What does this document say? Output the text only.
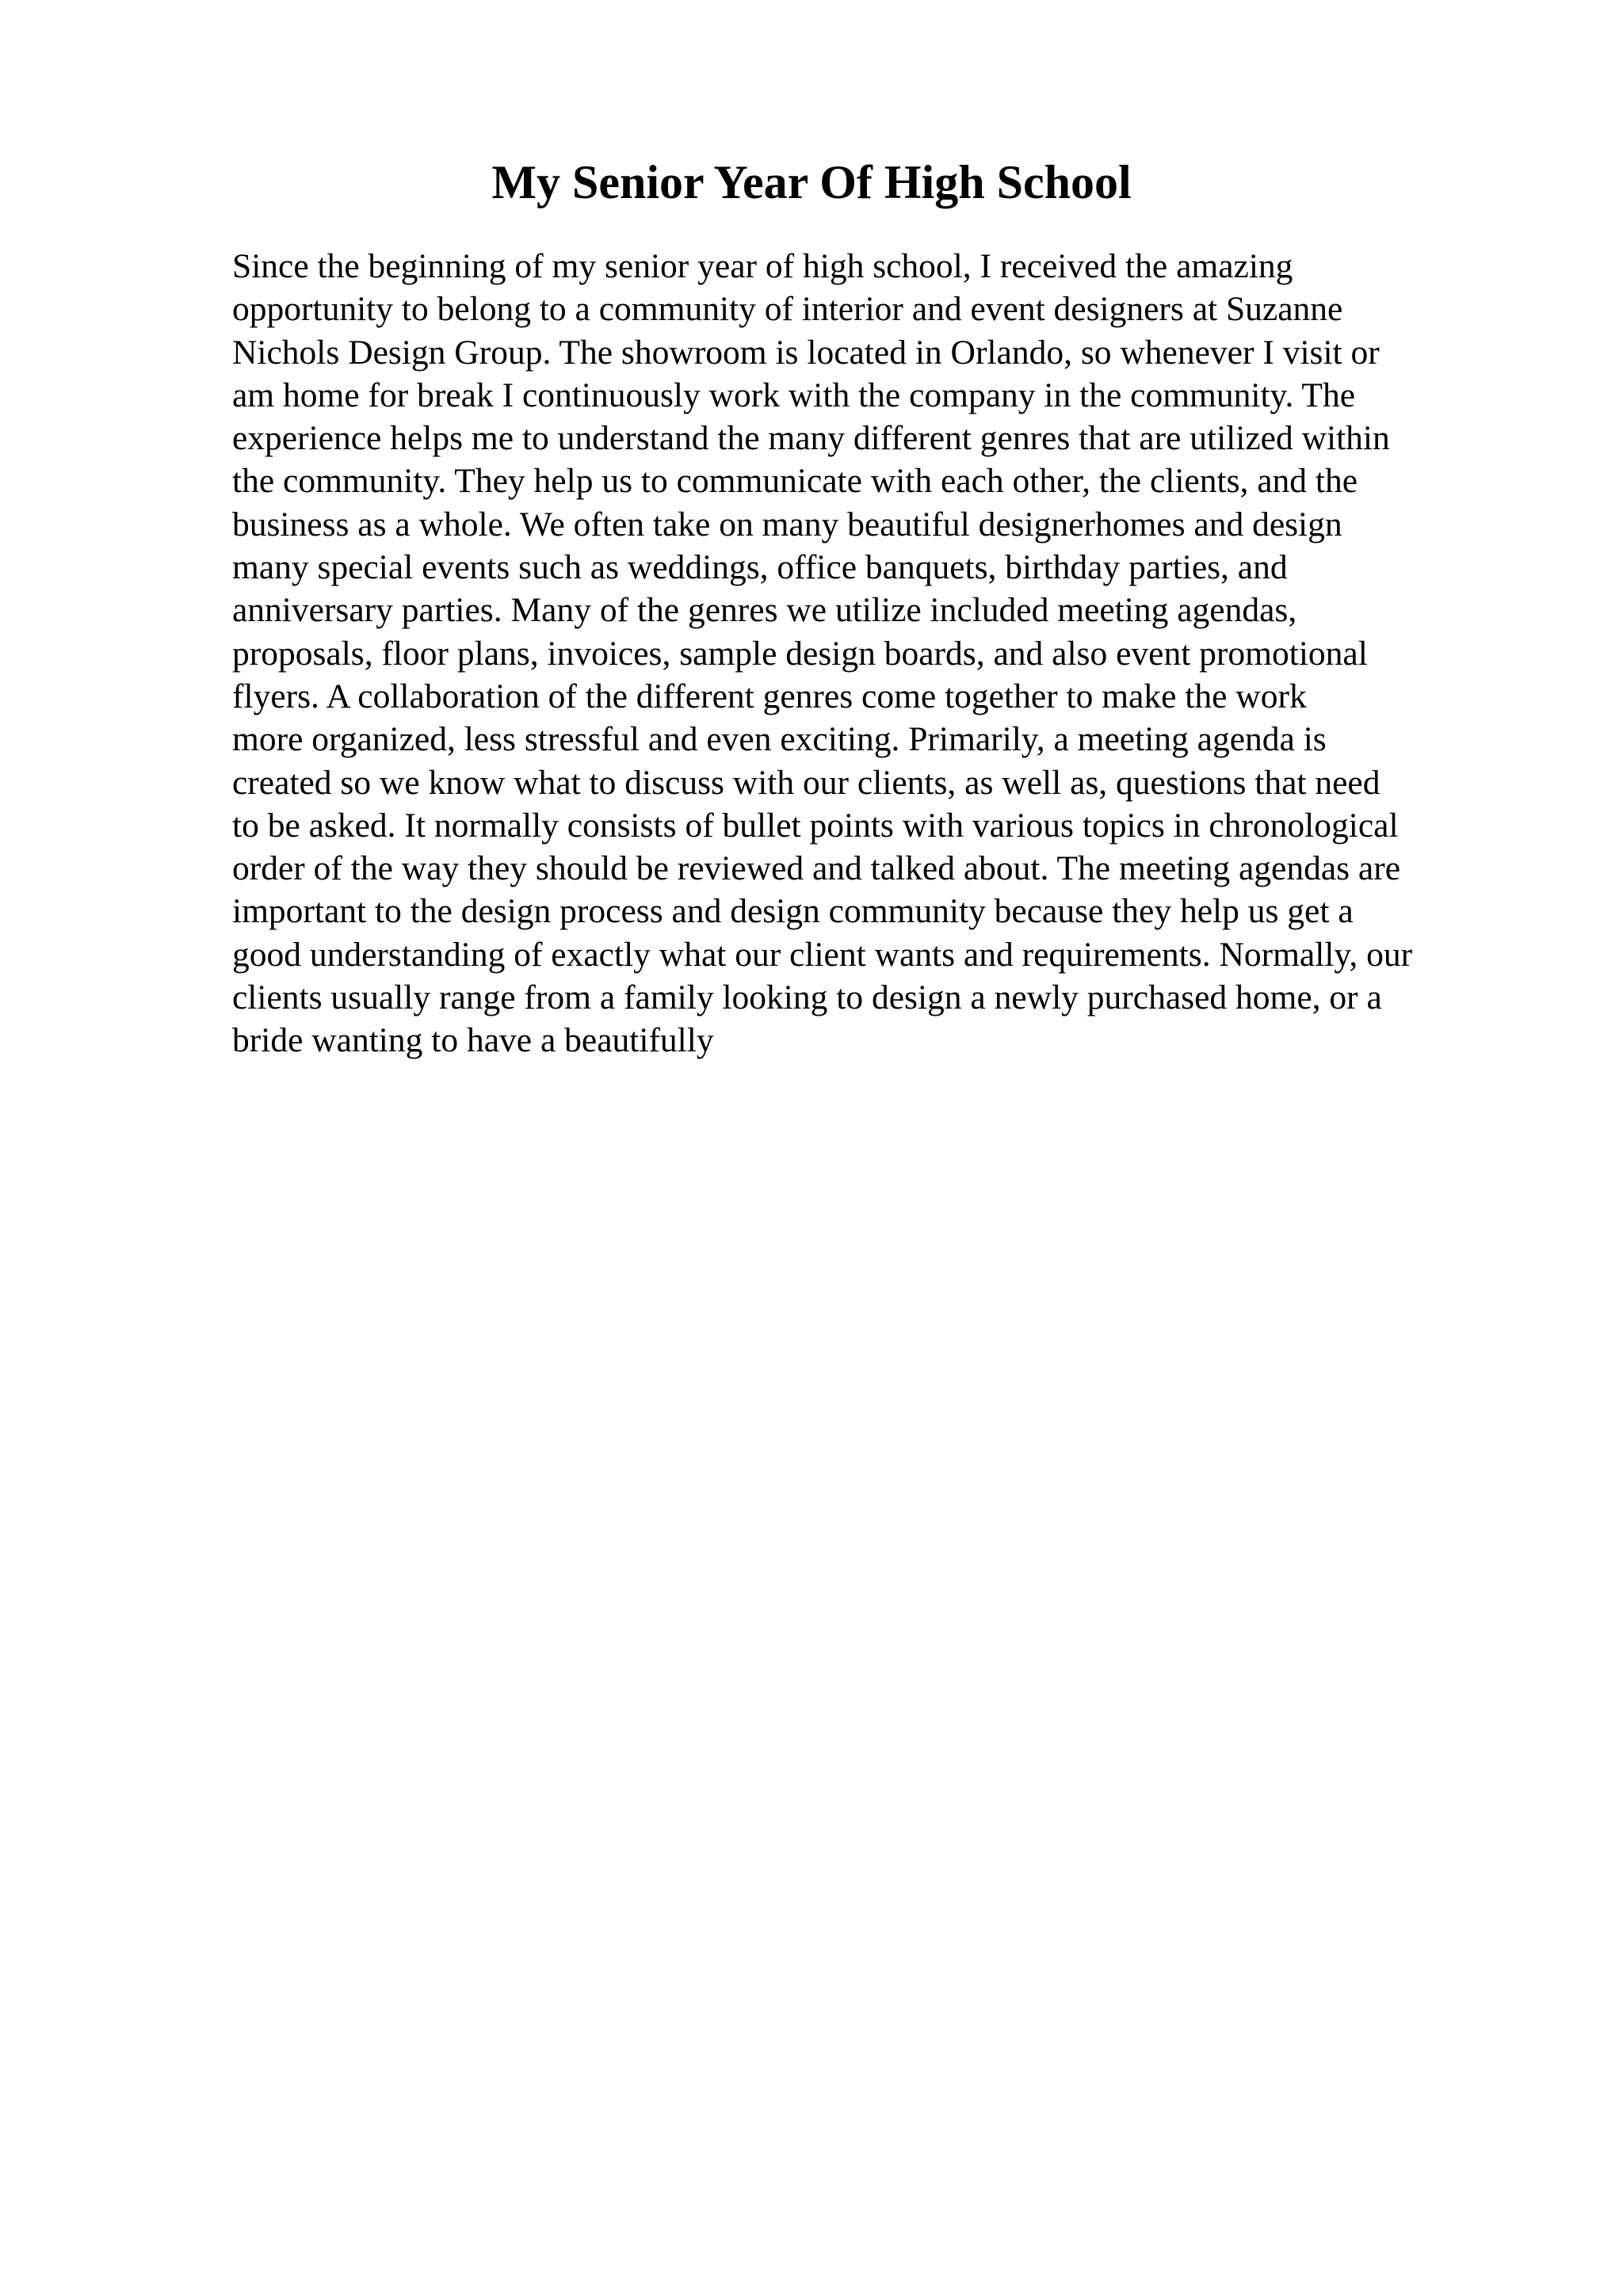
My Senior Year Of High School
Since the beginning of my senior year of high school, I received the amazing
opportunity to belong to a community of interior and event designers at Suzanne
Nichols Design Group. The showroom is located in Orlando, so whenever I visit or
am home for break I continuously work with the company in the community. The
experience helps me to understand the many different genres that are utilized within
the community. They help us to communicate with each other, the clients, and the
business as a whole. We often take on many beautiful designerhomes and design
many special events such as weddings, office banquets, birthday parties, and
anniversary parties. Many of the genres we utilize included meeting agendas,
proposals, floor plans, invoices, sample design boards, and also event promotional
flyers. A collaboration of the different genres come together to make the work
more organized, less stressful and even exciting. Primarily, a meeting agenda is
created so we know what to discuss with our clients, as well as, questions that need
to be asked. It normally consists of bullet points with various topics in chronological
order of the way they should be reviewed and talked about. The meeting agendas are
important to the design process and design community because they help us get a
good understanding of exactly what our client wants and requirements. Normally, our
clients usually range from a family looking to design a newly purchased home, or a
bride wanting to have a beautifully
